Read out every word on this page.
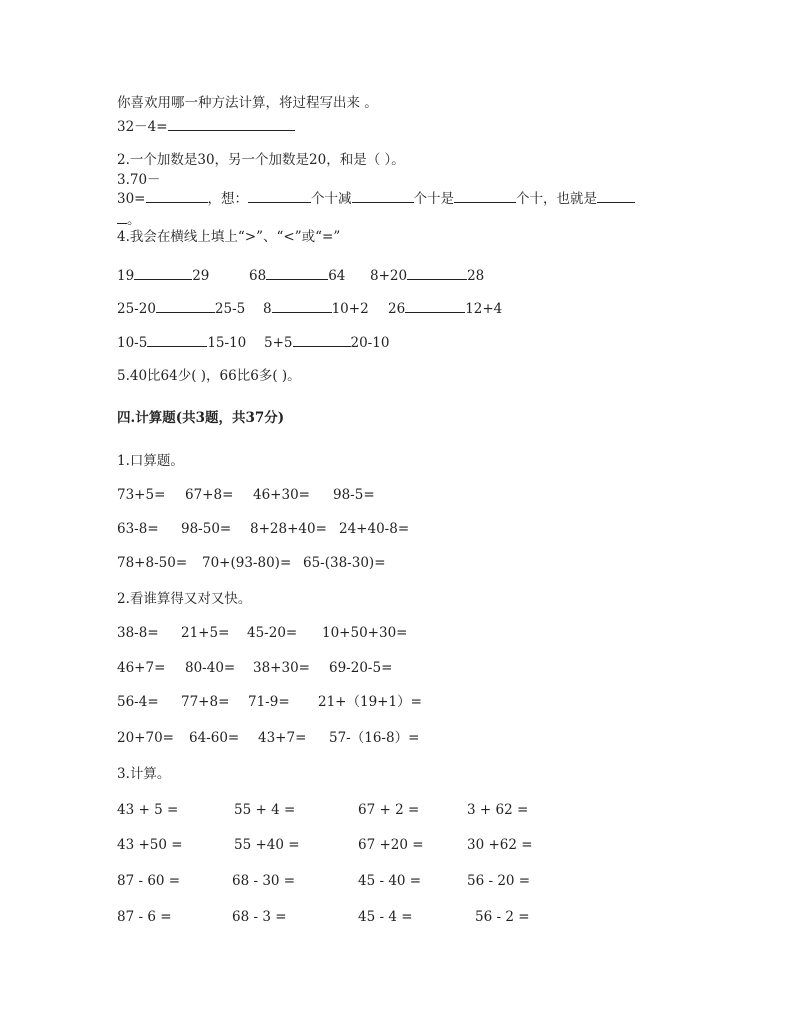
你喜欢用哪一种方法计算，将过程写出来 。
32－4=
2.一个加数是30，另一个加数是20，和是（ ）。
3.70－
30=	，想：	个十减	个十是	个十，也就是
。
4.我会在横线上填上“>”、“<”或“=”
19	29	68	64 8+20	28
25-20	25-5 8	10+2 26	12+4
10-5	15-10 5+5	20-10
5.40比64少( )，66比6多( )。
四.计算题(共3题，共37分)
1.口算题。
73+5= 67+8= 46+30= 98-5=
63-8= 98-50= 8+28+40= 24+40-8=
78+8-50= 70+(93-80)= 65-(38-30)=
2.看谁算得又对又快。
38-8= 21+5= 45-20= 10+50+30=
46+7= 80-40= 38+30= 69-20-5=
56-4= 77+8= 71-9= 21+（19+1）=
20+70= 64-60= 43+7= 57-（16-8）=
3.计算。
43 + 5 =	55 + 4 =	67 + 2 =	3 + 62 =
43 +50 =	55 +40 =	67 +20 =	30 +62 =
87 - 60 =	68 - 30 =	45 - 40 =	56 - 20 =
87 - 6 =	68 - 3 =	45 - 4 =	56 - 2 =
